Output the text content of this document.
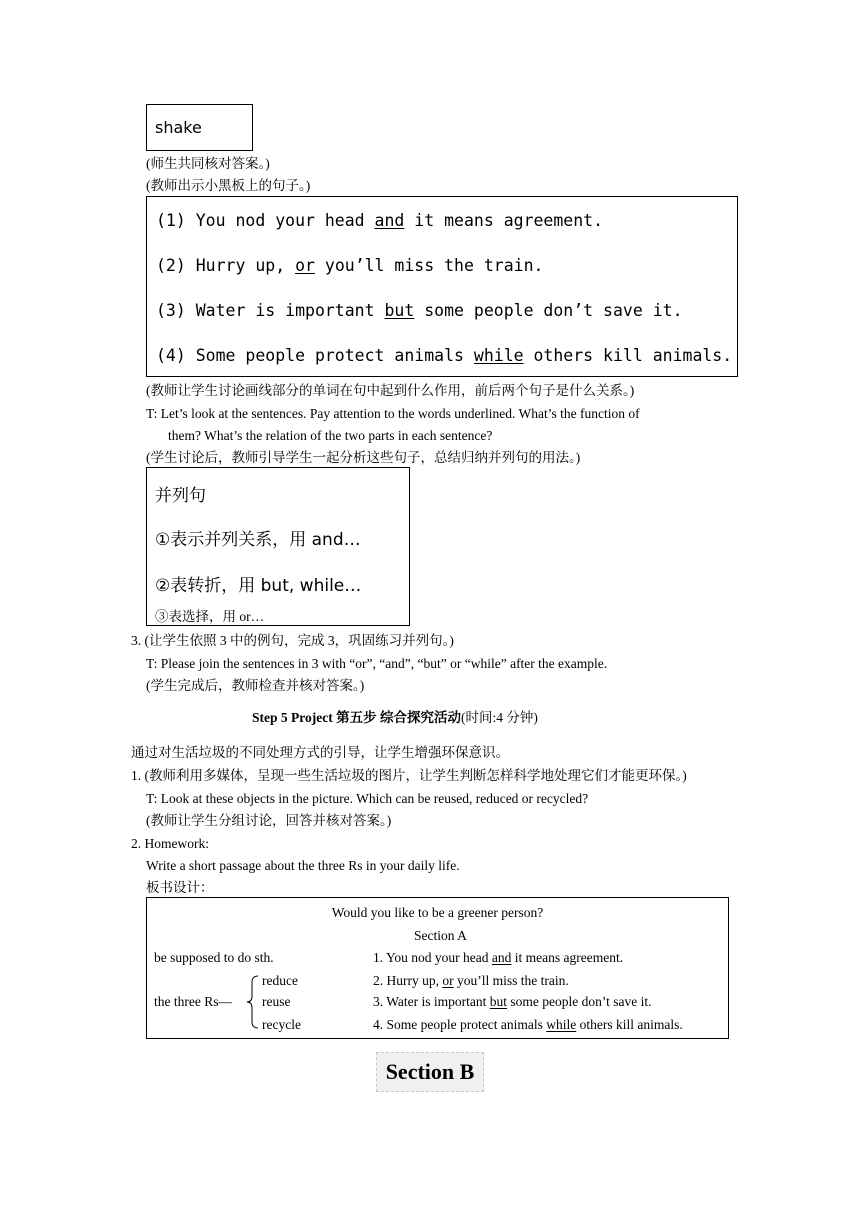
shake
(师生共同核对答案。)
(教师出示小黑板上的句子。)
(1) You nod your head and it means agreement.
(2) Hurry up, or you’ll miss the train.
(3) Water is important but some people don’t save it.
(4) Some people protect animals while others kill animals.
(教师让学生讨论画线部分的单词在句中起到什么作用，前后两个句子是什么关系。)
T: Let’s look at the sentences. Pay attention to the words underlined. What’s the function of
them? What’s the relation of the two parts in each sentence?
(学生讨论后，教师引导学生一起分析这些句子，总结归纳并列句的用法。)
并列句
①表示并列关系，用 and…
②表转折，用 but, while…
③表选择，用 or…
3. (让学生依照 3 中的例句，完成 3，巩固练习并列句。)
T: Please join the sentences in 3 with “or”, “and”, “but” or “while” after the example.
(学生完成后，教师检查并核对答案。)
Step 5 Project 第五步 综合探究活动(时间:4 分钟)
通过对生活垃圾的不同处理方式的引导，让学生增强环保意识。
1. (教师利用多媒体，呈现一些生活垃圾的图片，让学生判断怎样科学地处理它们才能更环保。)
T: Look at these objects in the picture. Which can be reused, reduced or recycled?
(教师让学生分组讨论，回答并核对答案。)
2. Homework:
Write a short passage about the three Rs in your daily life.
板书设计：
Would you like to be a greener person?
Section A
be supposed to do sth.
the three Rs—
reduce
reuse
recycle
1. You nod your head and it means agreement.
2. Hurry up, or you’ll miss the train.
3. Water is important but some people don’t save it.
4. Some people protect animals while others kill animals.
Section B
